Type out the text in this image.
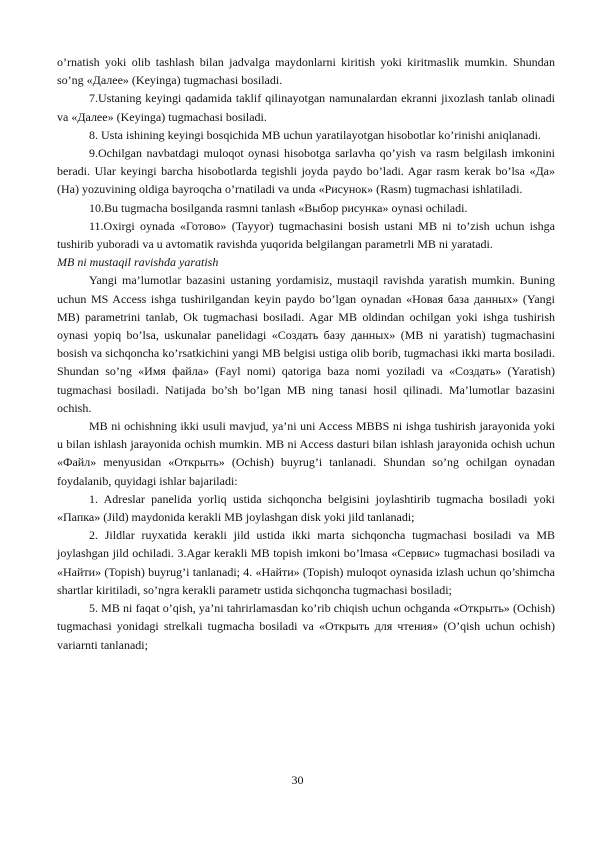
o’rnatish yoki olib tashlash bilan jadvalga maydonlarni kiritish yoki kiritmaslik mumkin. Shundan so’ng «Далее» (Keyinga) tugmachasi bosiladi.

7.Ustaning keyingi qadamida taklif qilinayotgan namunalardan ekranni jixozlash tanlab olinadi va «Далее» (Keyinga) tugmachasi bosiladi.

8. Usta ishining keyingi bosqichida MB uchun yaratilayotgan hisobotlar ko’rinishi aniqlanadi.

9.Ochilgan navbatdagi muloqot oynasi hisobotga sarlavha qo’yish va rasm belgilash imkonini beradi. Ular keyingi barcha hisobotlarda tegishli joyda paydo bo’ladi. Agar rasm kerak bo’lsa «Да» (Ha) yozuvining oldiga bayroqcha o’rnatiladi va unda «Рисунок» (Rasm) tugmachasi ishlatiladi.

10.Bu tugmacha bosilganda rasmni tanlash «Выбор рисунка» oynasi ochiladi.

11.Oxirgi oynada «Готово» (Tayyor) tugmachasini bosish ustani MB ni to’zish uchun ishga tushirib yuboradi va u avtomatik ravishda yuqorida belgilangan parametrli MB ni yaratadi.

MB ni mustaqil ravishda yaratish

Yangi ma’lumotlar bazasini ustaning yordamisiz, mustaqil ravishda yaratish mumkin. Buning uchun MS Access ishga tushirilgandan keyin paydo bo’lgan oynadan «Новая база данных» (Yangi MB) parametrini tanlab, Ok tugmachasi bosiladi. Agar MB oldindan ochilgan yoki ishga tushirish oynasi yopiq bo’lsa, uskunalar panelidagi «Создать базу данных» (MB ni yaratish) tugmachasini bosish va sichqoncha ko’rsatkichini yangi MB belgisi ustiga olib borib, tugmachasi ikki marta bosiladi. Shundan so’ng «Имя файла» (Fayl nomi) qatoriga baza nomi yoziladi va «Создать» (Yaratish) tugmachasi bosiladi. Natijada bo’sh bo’lgan MB ning tanasi hosil qilinadi. Ma’lumotlar bazasini ochish.

MB ni ochishning ikki usuli mavjud, ya’ni uni Access MBBS ni ishga tushirish jarayonida yoki u bilan ishlash jarayonida ochish mumkin. MB ni Access dasturi bilan ishlash jarayonida ochish uchun «Файл» menyusidan «Открыть» (Ochish) buyrug’i tanlanadi. Shundan so’ng ochilgan oynadan foydalanib, quyidagi ishlar bajariladi:

1. Adreslar panelida yorliq ustida sichqoncha belgisini joylashtirib tugmacha bosiladi yoki «Папка» (Jild) maydonida kerakli MB joylashgan disk yoki jild tanlanadi;

2. Jildlar ruyxatida kerakli jild ustida ikki marta sichqoncha tugmachasi bosiladi va MB joylashgan jild ochiladi. 3.Agar kerakli MB topish imkoni bo’lmasa «Сервис» tugmachasi bosiladi va «Найти» (Topish) buyrug’i tanlanadi; 4. «Найти» (Topish) muloqot oynasida izlash uchun qo’shimcha shartlar kiritiladi, so’ngra kerakli parametr ustida sichqoncha tugmachasi bosiladi;

5. MB ni faqat o’qish, ya’ni tahrirlamasdan ko’rib chiqish uchun ochganda «Открыть» (Ochish) tugmachasi yonidagi strelkali tugmacha bosiladi va «Открыть для чтения» (O’qish uchun ochish) variarnti tanlanadi;

30
